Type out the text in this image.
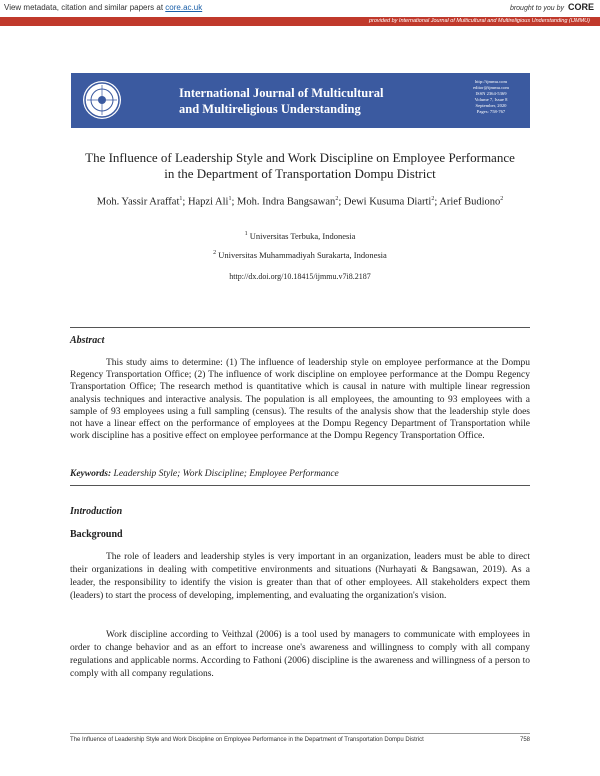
View metadata, citation and similar papers at core.ac.uk	brought to you by CORE
provided by International Journal of Multicultural and Multireligious Understanding (IJMMU)
International Journal of Multicultural
and Multireligious Understanding
http://ijmmu.com
editor@ijmmu.com
ISSN 2364-5369
Volume 7, Issue 8
September, 2020
Pages: 758-767
The Influence of Leadership Style and Work Discipline on Employee Performance
in the Department of Transportation Dompu District
Moh. Yassir Araffat$^1$; Hapzi Ali$^1$; Moh. Indra Bangsawan$^2$; Dewi Kusuma Diarti$^2$; Arief Budiono$^2$
$^1$ Universitas Terbuka, Indonesia
$^2$ Universitas Muhammadiyah Surakarta, Indonesia
http://dx.doi.org/10.18415/ijmmu.v7i8.2187
Abstract

This study aims to determine: (1) The influence of leadership style on employee performance at the Dompu Regency Transportation Office; (2) The influence of work discipline on employee performance at the Dompu Regency Transportation Office; The research method is quantitative which is causal in nature with multiple linear regression analysis techniques and interactive analysis. The population is all employees, the amounting to 93 employees with a sample of 93 employees using a full sampling (census). The results of the analysis show that the leadership style does not have a linear effect on the performance of employees at the Dompu Regency Department of Transportation while work discipline has a positive effect on employee performance at the Dompu Regency Transportation Office.

Keywords: Leadership Style; Work Discipline; Employee Performance
Introduction
Background

The role of leaders and leadership styles is very important in an organization, leaders must be able to direct their organizations in dealing with competitive environments and situations (Nurhayati & Bangsawan, 2019). As a leader, the responsibility to identify the vision is greater than that of other employees. All stakeholders expect them (leaders) to start the process of developing, implementing, and evaluating the organization's vision.

Work discipline according to Veithzal (2006) is a tool used by managers to communicate with employees in order to change behavior and as an effort to increase one's awareness and willingness to comply with all company regulations and applicable norms. According to Fathoni (2006) discipline is the awareness and willingness of a person to comply with all company regulations.

The Influence of Leadership Style and Work Discipline on Employee Performance in the Department of Transportation Dompu District	758
